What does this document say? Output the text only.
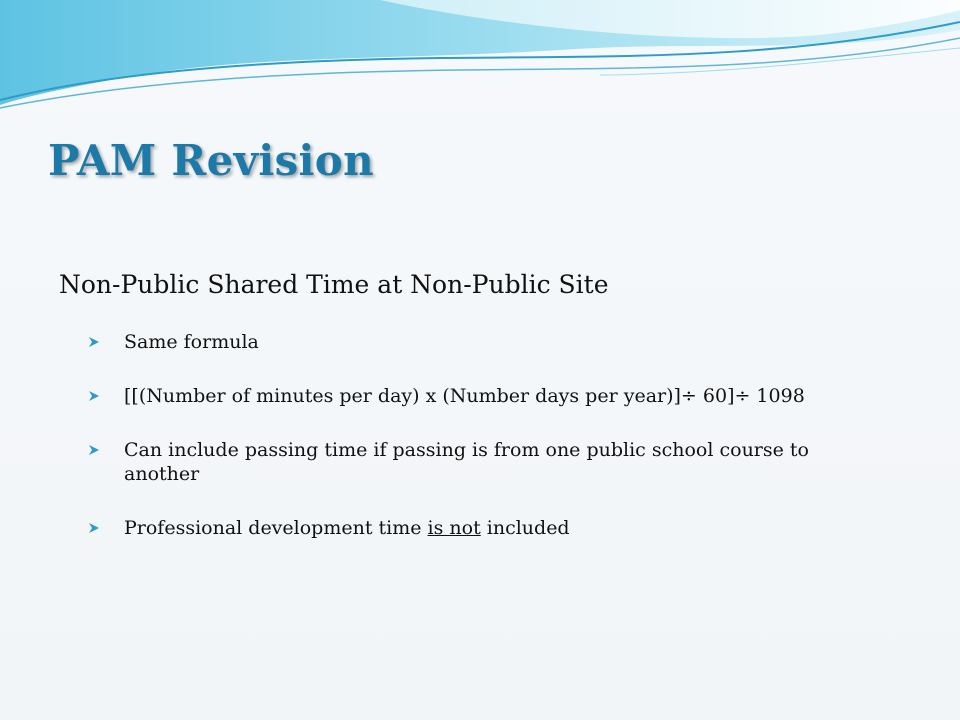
PAM Revision

Non-Public Shared Time at Non-Public Site

Same formula
[[(Number of minutes per day) x (Number days per year)]÷ 60]÷ 1098
Can include passing time if passing is from one public school course to another
Professional development time is not included
